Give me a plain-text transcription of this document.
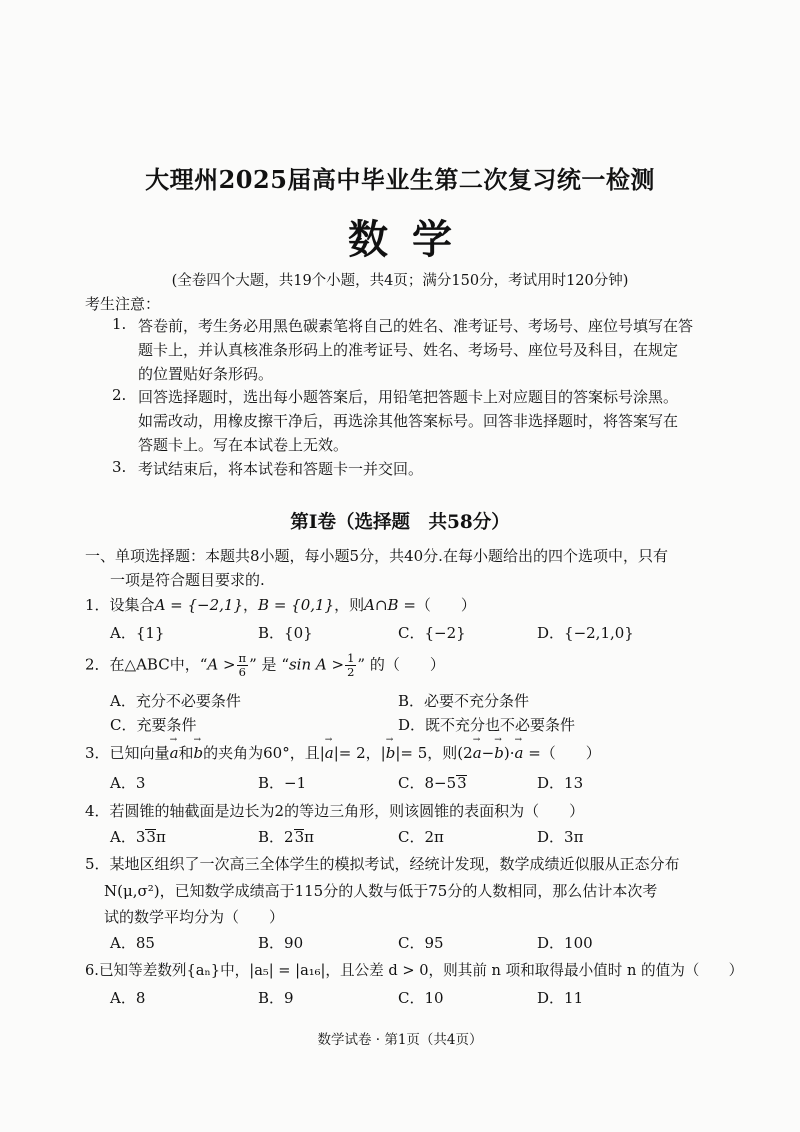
大理州2025届高中毕业生第二次复习统一检测
数学
(全卷四个大题，共19个小题，共4页；满分150分，考试用时120分钟)
考生注意：
1. 答卷前，考生务必用黑色碳素笔将自己的姓名、准考证号、考场号、座位号填写在答
题卡上，并认真核准条形码上的准考证号、姓名、考场号、座位号及科目，在规定
的位置贴好条形码。
2. 回答选择题时，选出每小题答案后，用铅笔把答题卡上对应题目的答案标号涂黑。
如需改动，用橡皮擦干净后，再选涂其他答案标号。回答非选择题时，将答案写在
答题卡上。写在本试卷上无效。
3. 考试结束后，将本试卷和答题卡一并交回。
第Ⅰ卷（选择题　共58分）
一、单项选择题：本题共8小题，每小题5分，共40分.在每小题给出的四个选项中，只有
一项是符合题目要求的.
1．设集合A = {−2,1}，B = {0,1}，则A∩B =（　　）
A．{1}	B．{0}	C．{−2}	D．{−2,1,0}
2．在△ABC中，“$A > \frac{\pi}{6}$ ” 是 “sin $A > \frac{1}{2}$ ” 的（　　）
A．充分不必要条件	B．必要不充分条件
C．充要条件	D．既不充分也不必要条件
3．已知向量→ a和→ b的夹角为60°，且|→ a|= 2，|→ b|= 5，则(2→ a−→ b)·→ a =（　　）
A．3	B．−1	C．8−53	D．13
4．若圆锥的轴截面是边长为2的等边三角形，则该圆锥的表面积为（　　）
A．33π	B．23π	C．2π	D．3π
5．某地区组织了一次高三全体学生的模拟考试，经统计发现，数学成绩近似服从正态分布
N(μ,σ²)，已知数学成绩高于115分的人数与低于75分的人数相同，那么估计本次考
试的数学平均分为（　　）
A．85	B．90	C．95	D．100
6.已知等差数列{aₙ}中，|a₅| = |a₁₆|，且公差 d > 0，则其前 n 项和取得最小值时 n 的值为（　　）
A．8	B．9	C．10	D．11
数学试卷 · 第1页（共4页）
